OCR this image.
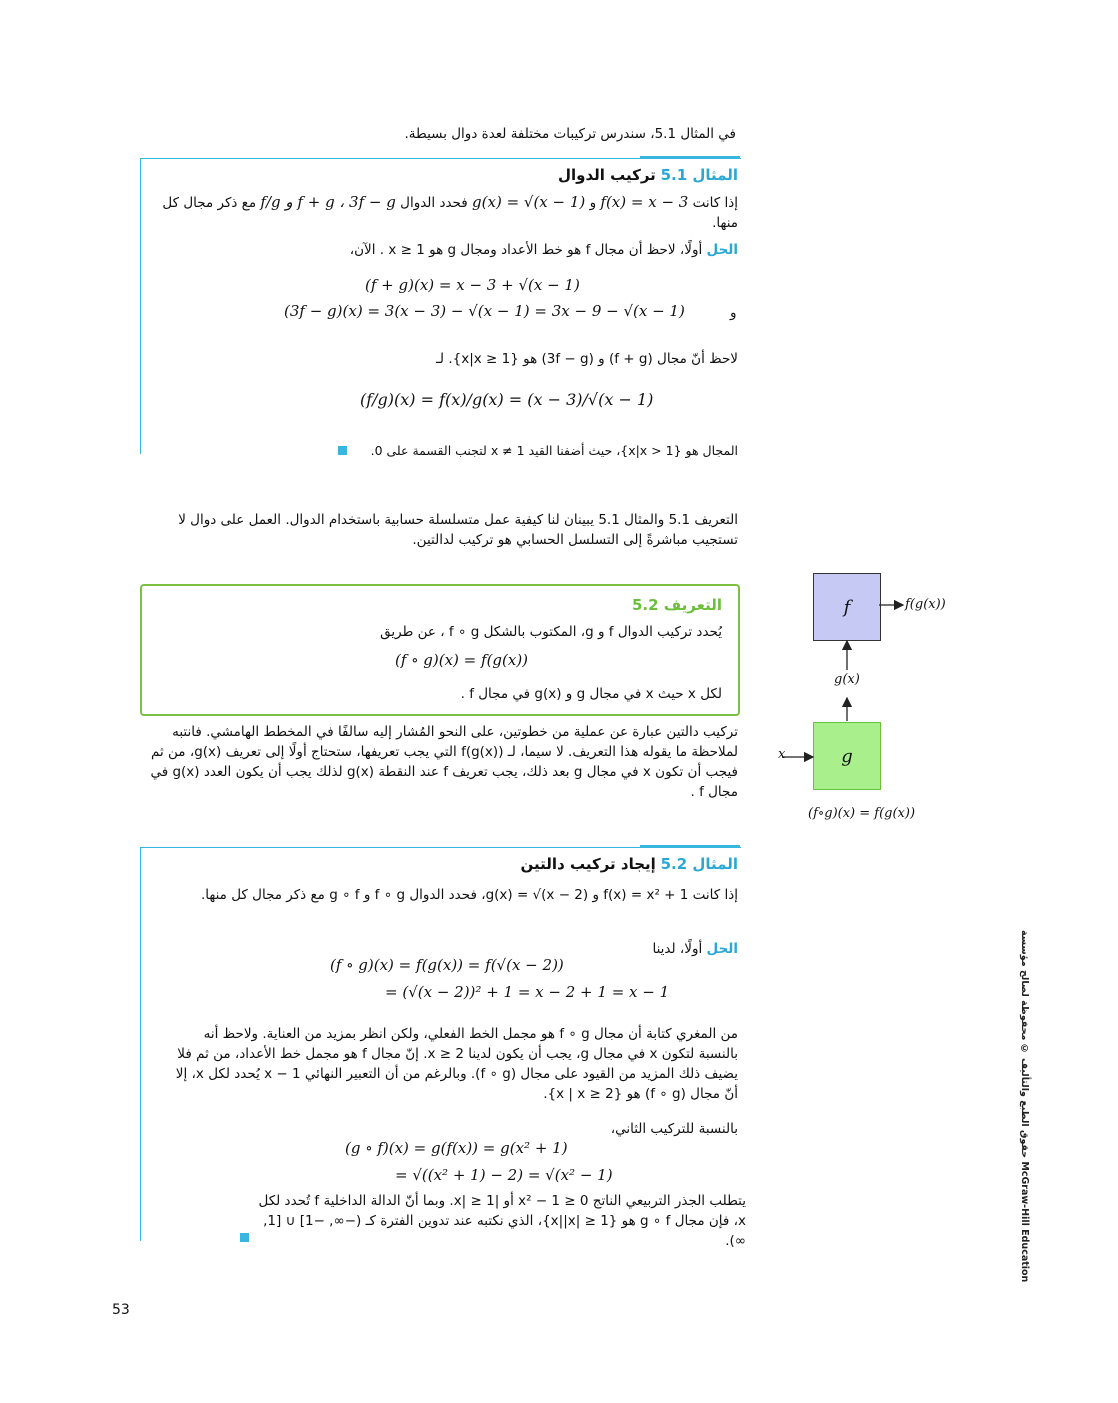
في المثال 5.1، سندرس تركيبات مختلفة لعدة دوال بسيطة.
المثال 5.1 تركيب الدوال
إذا كانت f(x) = x − 3 و g(x) = √(x − 1) فحدد الدوال f + g ، 3f − g و f/g مع ذكر مجال كل منها.
الحل أولًا، لاحظ أن مجال f هو خط الأعداد ومجال g هو x ≥ 1 . الآن،
(f + g)(x) = x − 3 + √(x − 1)
و
(3f − g)(x) = 3(x − 3) − √(x − 1) = 3x − 9 − √(x − 1)
لاحظ أنّ مجال (f + g) و (3f − g) هو {x|x ≥ 1}. لـ
(f/g)(x) = f(x)/g(x) = (x − 3)/√(x − 1)
المجال هو {x|x > 1}، حيث أضفنا القيد x ≠ 1 لتجنب القسمة على 0.
التعريف 5.1 والمثال 5.1 يبينان لنا كيفية عمل متسلسلة حسابية باستخدام الدوال. العمل على دوال لا تستجيب مباشرةً إلى التسلسل الحسابي هو تركيب لدالتين.
التعريف 5.2
يُحدد تركيب الدوال f و g، المكتوب بالشكل f ∘ g ، عن طريق
(f ∘ g)(x) = f(g(x))
لكل x حيث x في مجال g و g(x) في مجال f .
تركيب دالتين عبارة عن عملية من خطوتين، على النحو المُشار إليه سالفًا في المخطط الهامشي. فانتبه لملاحظة ما يقوله هذا التعريف. لا سيما، لـ f(g(x)) التي يجب تعريفها، ستحتاج أولًا إلى تعريف g(x)، من ثم فيجب أن تكون x في مجال g بعد ذلك، يجب تعريف f عند النقطة g(x) لذلك يجب أن يكون العدد g(x) في مجال f .
f
g
x
g(x)
f(g(x))
(f∘g)(x) = f(g(x))
المثال 5.2 إيجاد تركيب دالتين
إذا كانت f(x) = x² + 1 و g(x) = √(x − 2)، فحدد الدوال f ∘ g و g ∘ f مع ذكر مجال كل منها.
الحل أولًا، لدينا
(f ∘ g)(x) = f(g(x)) = f(√(x − 2))
= (√(x − 2))² + 1 = x − 2 + 1 = x − 1
من المغري كتابة أن مجال f ∘ g هو مجمل الخط الفعلي، ولكن انظر بمزيد من العناية. ولاحظ أنه بالنسبة لتكون x في مجال g، يجب أن يكون لدينا x ≥ 2. إنّ مجال f هو مجمل خط الأعداد، من ثم فلا يضيف ذلك المزيد من القيود على مجال (f ∘ g). وبالرغم من أن التعبير النهائي x − 1 يُحدد لكل x، إلا أنّ مجال (f ∘ g) هو {x | x ≥ 2}.
بالنسبة للتركيب الثاني،
(g ∘ f)(x) = g(f(x)) = g(x² + 1)
= √((x² + 1) − 2) = √(x² − 1)
يتطلب الجذر التربيعي الناتج x² − 1 ≥ 0 أو |x| ≥ 1. وبما أنّ الدالة الداخلية f تُحدد لكل x، فإن مجال g ∘ f هو {x||x| ≥ 1}، الذي نكتبه عند تدوين الفترة كـ (−∞, −1] ∪ [1, ∞).
حقوق الطبع والتأليف © محفوظة لصالح مؤسسة McGraw-Hill Education
53
